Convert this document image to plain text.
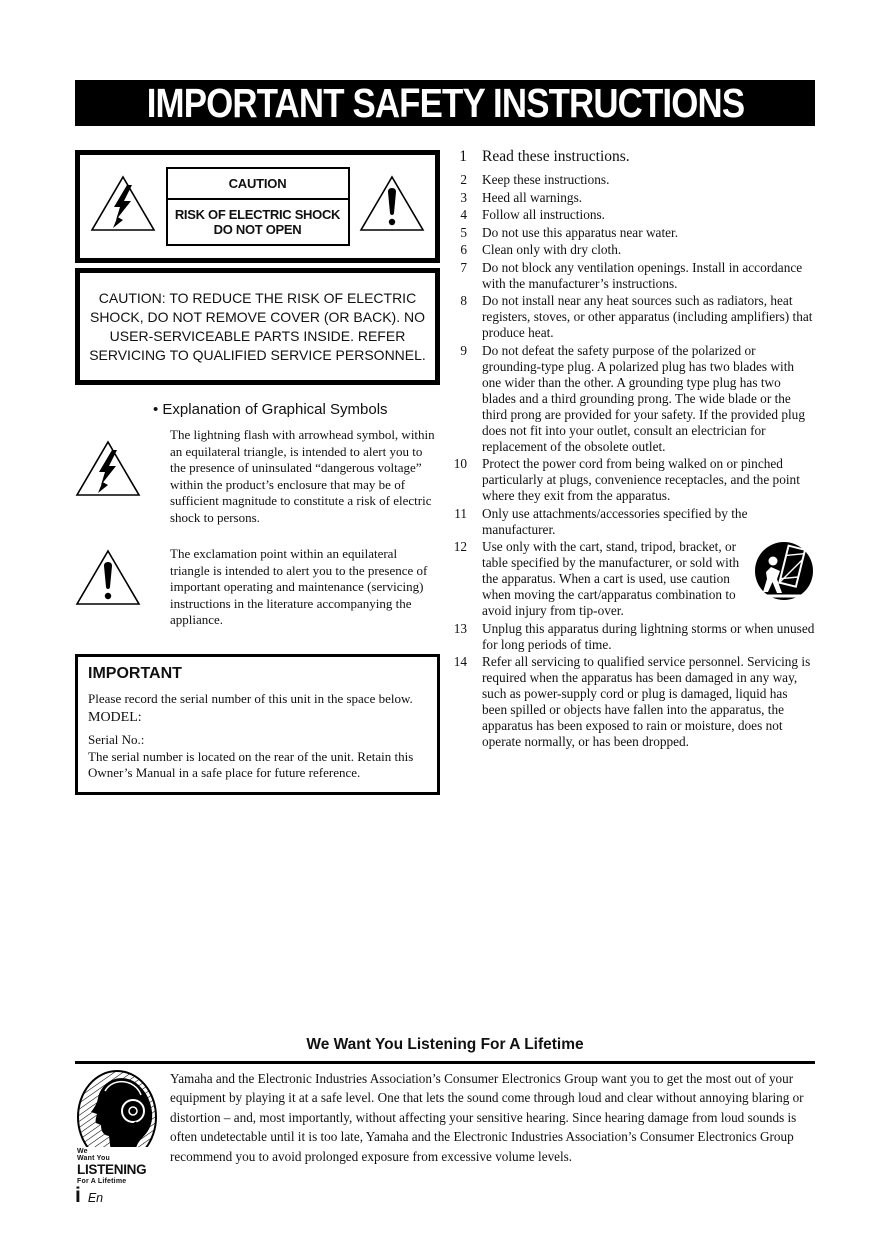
IMPORTANT SAFETY INSTRUCTIONS
CAUTION
RISK OF ELECTRIC SHOCK DO NOT OPEN
CAUTION: TO REDUCE THE RISK OF ELECTRIC SHOCK, DO NOT REMOVE COVER (OR BACK). NO USER-SERVICEABLE PARTS INSIDE. REFER SERVICING TO QUALIFIED SERVICE PERSONNEL.
• Explanation of Graphical Symbols
The lightning flash with arrowhead symbol, within an equilateral triangle, is intended to alert you to the presence of uninsulated “dangerous voltage” within the product’s enclosure that may be of sufficient magnitude to constitute a risk of electric shock to persons.
The exclamation point within an equilateral triangle is intended to alert you to the presence of important operating and maintenance (servicing) instructions in the literature accompanying the appliance.
IMPORTANT

Please record the serial number of this unit in the space below.

MODEL:

Serial No.:

The serial number is located on the rear of the unit. Retain this Owner’s Manual in a safe place for future reference.

1 Read these instructions.
2 Keep these instructions.
3 Heed all warnings.
4 Follow all instructions.
5 Do not use this apparatus near water.
6 Clean only with dry cloth.
7 Do not block any ventilation openings. Install in accordance with the manufacturer’s instructions.
8 Do not install near any heat sources such as radiators, heat registers, stoves, or other apparatus (including amplifiers) that produce heat.
9 Do not defeat the safety purpose of the polarized or grounding-type plug. A polarized plug has two blades with one wider than the other. A grounding type plug has two blades and a third grounding prong. The wide blade or the third prong are provided for your safety. If the provided plug does not fit into your outlet, consult an electrician for replacement of the obsolete outlet.
10 Protect the power cord from being walked on or pinched particularly at plugs, convenience receptacles, and the point where they exit from the apparatus.
11 Only use attachments/accessories specified by the manufacturer.
12 Use only with the cart, stand, tripod, bracket, or table specified by the manufacturer, or sold with the apparatus. When a cart is used, use caution when moving the cart/apparatus combination to avoid injury from tip-over.
13 Unplug this apparatus during lightning storms or when unused for long periods of time.
14 Refer all servicing to qualified service personnel. Servicing is required when the apparatus has been damaged in any way, such as power-supply cord or plug is damaged, liquid has been spilled or objects have fallen into the apparatus, the apparatus has been exposed to rain or moisture, does not operate normally, or has been dropped.
We Want You Listening For A Lifetime
We
Want You
LISTENING
For A Lifetime
Yamaha and the Electronic Industries Association’s Consumer Electronics Group want you to get the most out of your equipment by playing it at a safe level. One that lets the sound come through loud and clear without annoying blaring or distortion – and, most importantly, without affecting your sensitive hearing. Since hearing damage from loud sounds is often undetectable until it is too late, Yamaha and the Electronic Industries Association’s Consumer Electronics Group recommend you to avoid prolonged exposure from excessive volume levels.
i En
